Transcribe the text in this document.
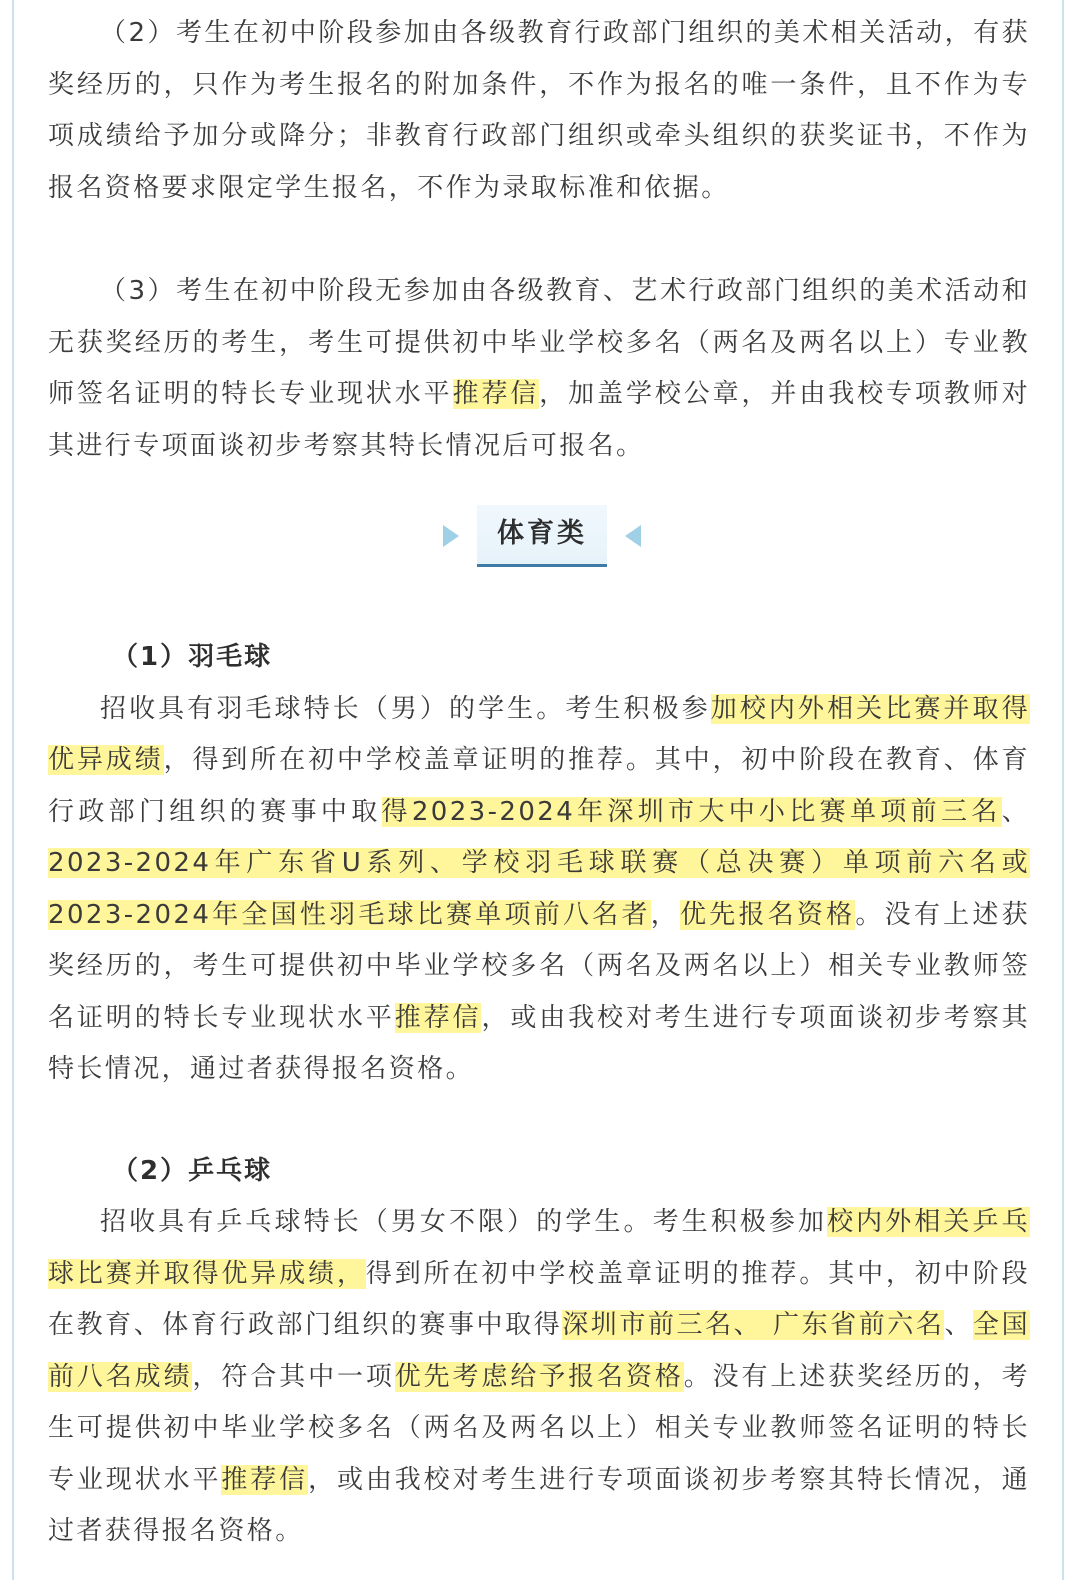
（2）考生在初中阶段参加由各级教育行政部门组织的美术相关活动，有获奖经历的，只作为考生报名的附加条件，不作为报名的唯一条件，且不作为专项成绩给予加分或降分；非教育行政部门组织或牵头组织的获奖证书，不作为报名资格要求限定学生报名，不作为录取标准和依据。

（3）考生在初中阶段无参加由各级教育、艺术行政部门组织的美术活动和无获奖经历的考生，考生可提供初中毕业学校多名（两名及两名以上）专业教师签名证明的特长专业现状水平推荐信，加盖学校公章，并由我校专项教师对其进行专项面谈初步考察其特长情况后可报名。

体育类
（1）羽毛球

招收具有羽毛球特长（男）的学生。考生积极参加校内外相关比赛并取得优异成绩，得到所在初中学校盖章证明的推荐。其中，初中阶段在教育、体育行政部门组织的赛事中取得2023-2024年深圳市大中小比赛单项前三名、2023-2024年广东省U系列、学校羽毛球联赛（总决赛）单项前六名或2023-2024年全国性羽毛球比赛单项前八名者，优先报名资格。没有上述获奖经历的，考生可提供初中毕业学校多名（两名及两名以上）相关专业教师签名证明的特长专业现状水平推荐信，或由我校对考生进行专项面谈初步考察其特长情况，通过者获得报名资格。

（2）乒乓球

招收具有乒乓球特长（男女不限）的学生。考生积极参加校内外相关乒乓球比赛并取得优异成绩，得到所在初中学校盖章证明的推荐。其中，初中阶段在教育、体育行政部门组织的赛事中取得深圳市前三名、 广东省前六名、全国前八名成绩，符合其中一项优先考虑给予报名资格。没有上述获奖经历的，考生可提供初中毕业学校多名（两名及两名以上）相关专业教师签名证明的特长专业现状水平推荐信，或由我校对考生进行专项面谈初步考察其特长情况，通过者获得报名资格。
